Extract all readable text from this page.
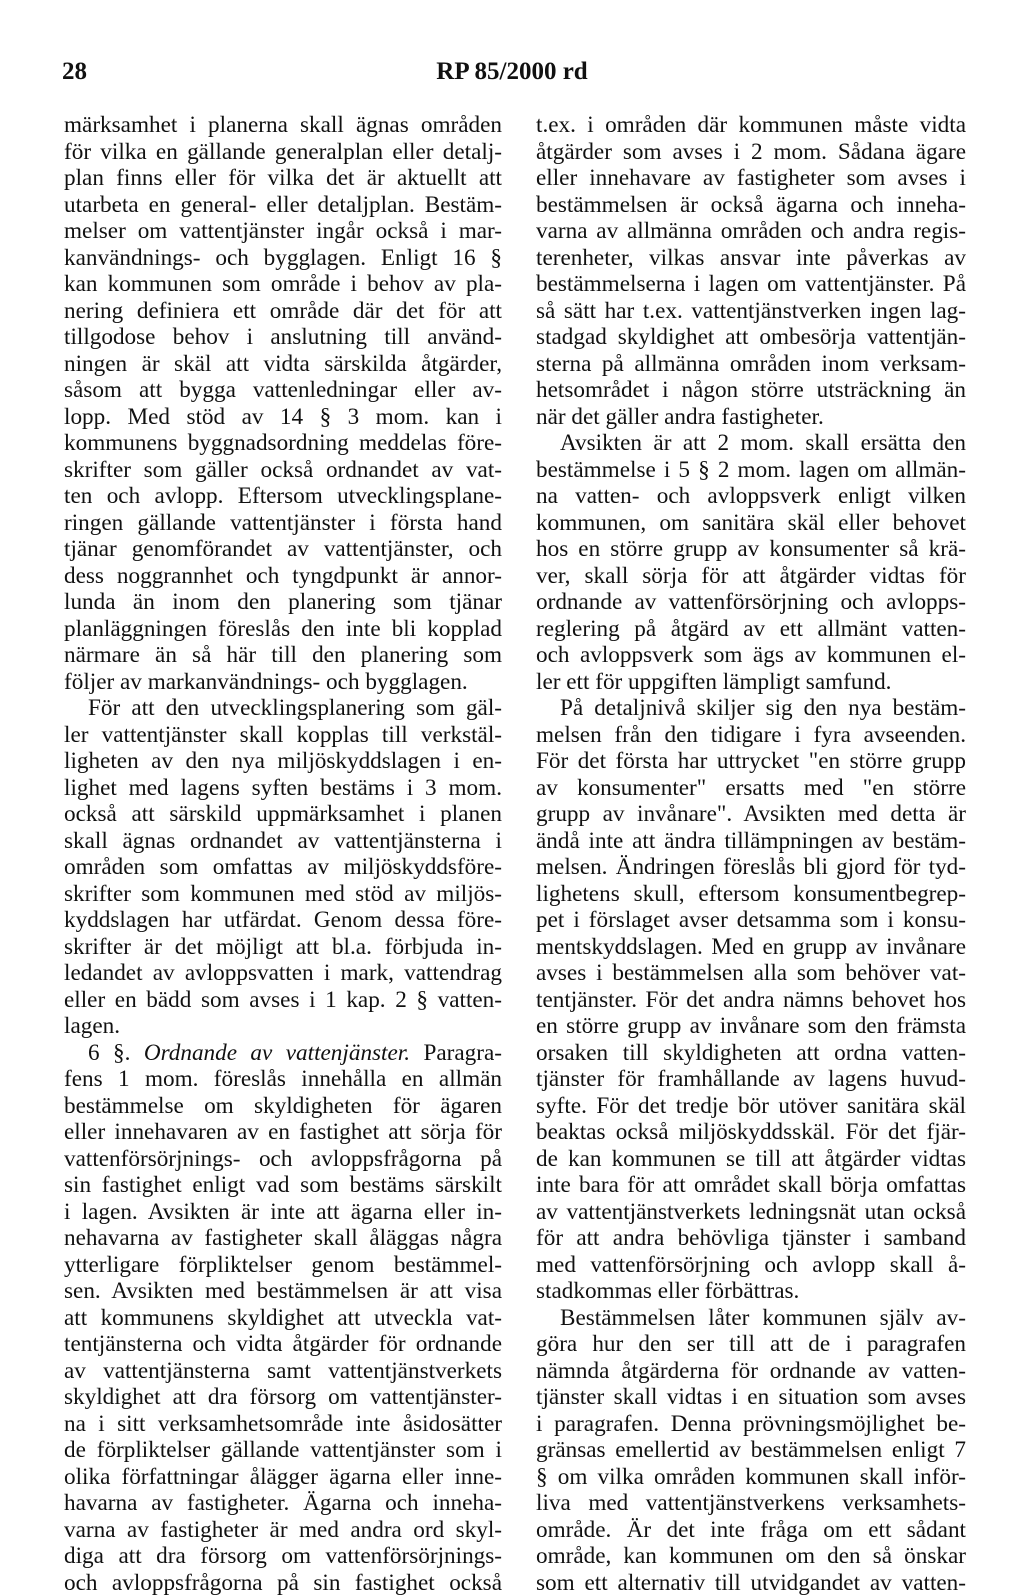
28	RP 85/2000 rd
märksamhet i planerna skall ägnas områden
för vilka en gällande generalplan eller detalj-
plan finns eller för vilka det är aktuellt att
utarbeta en general- eller detaljplan. Bestäm-
melser om vattentjänster ingår också i mar-
kanvändnings- och bygglagen. Enligt 16 §
kan kommunen som område i behov av pla-
nering definiera ett område där det för att
tillgodose behov i anslutning till använd-
ningen är skäl att vidta särskilda åtgärder,
såsom att bygga vattenledningar eller av-
lopp. Med stöd av 14 § 3 mom. kan i
kommunens byggnadsordning meddelas före-
skrifter som gäller också ordnandet av vat-
ten och avlopp. Eftersom utvecklingsplane-
ringen gällande vattentjänster i första hand
tjänar genomförandet av vattentjänster, och
dess noggrannhet och tyngdpunkt är annor-
lunda än inom den planering som tjänar
planläggningen föreslås den inte bli kopplad
närmare än så här till den planering som
följer av markanvändnings- och bygglagen.
För att den utvecklingsplanering som gäl-
ler vattentjänster skall kopplas till verkstäl-
ligheten av den nya miljöskyddslagen i en-
lighet med lagens syften bestäms i 3 mom.
också att särskild uppmärksamhet i planen
skall ägnas ordnandet av vattentjänsterna i
områden som omfattas av miljöskyddsföre-
skrifter som kommunen med stöd av miljös-
kyddslagen har utfärdat. Genom dessa före-
skrifter är det möjligt att bl.a. förbjuda in-
ledandet av avloppsvatten i mark, vattendrag
eller en bädd som avses i 1 kap. 2 § vatten-
lagen.
6 §. Ordnande av vattenjänster. Paragra-
fens 1 mom. föreslås innehålla en allmän
bestämmelse om skyldigheten för ägaren
eller innehavaren av en fastighet att sörja för
vattenförsörjnings- och avloppsfrågorna på
sin fastighet enligt vad som bestäms särskilt
i lagen. Avsikten är inte att ägarna eller in-
nehavarna av fastigheter skall åläggas några
ytterligare förpliktelser genom bestämmel-
sen. Avsikten med bestämmelsen är att visa
att kommunens skyldighet att utveckla vat-
tentjänsterna och vidta åtgärder för ordnande
av vattentjänsterna samt vattentjänstverkets
skyldighet att dra försorg om vattentjänster-
na i sitt verksamhetsområde inte åsidosätter
de förpliktelser gällande vattentjänster som i
olika författningar ålägger ägarna eller inne-
havarna av fastigheter. Ägarna och inneha-
varna av fastigheter är med andra ord skyl-
diga att dra försorg om vattenförsörjnings-
och avloppsfrågorna på sin fastighet också
t.ex. i områden där kommunen måste vidta
åtgärder som avses i 2 mom. Sådana ägare
eller innehavare av fastigheter som avses i
bestämmelsen är också ägarna och inneha-
varna av allmänna områden och andra regis-
terenheter, vilkas ansvar inte påverkas av
bestämmelserna i lagen om vattentjänster. På
så sätt har t.ex. vattentjänstverken ingen lag-
stadgad skyldighet att ombesörja vattentjän-
sterna på allmänna områden inom verksam-
hetsområdet i någon större utsträckning än
när det gäller andra fastigheter.
Avsikten är att 2 mom. skall ersätta den
bestämmelse i 5 § 2 mom. lagen om allmän-
na vatten- och avloppsverk enligt vilken
kommunen, om sanitära skäl eller behovet
hos en större grupp av konsumenter så krä-
ver, skall sörja för att åtgärder vidtas för
ordnande av vattenförsörjning och avlopps-
reglering på åtgärd av ett allmänt vatten-
och avloppsverk som ägs av kommunen el-
ler ett för uppgiften lämpligt samfund.
På detaljnivå skiljer sig den nya bestäm-
melsen från den tidigare i fyra avseenden.
För det första har uttrycket "en större grupp
av konsumenter" ersatts med "en större
grupp av invånare". Avsikten med detta är
ändå inte att ändra tillämpningen av bestäm-
melsen. Ändringen föreslås bli gjord för tyd-
lighetens skull, eftersom konsumentbegrep-
pet i förslaget avser detsamma som i konsu-
mentskyddslagen. Med en grupp av invånare
avses i bestämmelsen alla som behöver vat-
tentjänster. För det andra nämns behovet hos
en större grupp av invånare som den främsta
orsaken till skyldigheten att ordna vatten-
tjänster för framhållande av lagens huvud-
syfte. För det tredje bör utöver sanitära skäl
beaktas också miljöskyddsskäl. För det fjär-
de kan kommunen se till att åtgärder vidtas
inte bara för att området skall börja omfattas
av vattentjänstverkets ledningsnät utan också
för att andra behövliga tjänster i samband
med vattenförsörjning och avlopp skall å-
stadkommas eller förbättras.
Bestämmelsen låter kommunen själv av-
göra hur den ser till att de i paragrafen
nämnda åtgärderna för ordnande av vatten-
tjänster skall vidtas i en situation som avses
i paragrafen. Denna prövningsmöjlighet be-
gränsas emellertid av bestämmelsen enligt 7
§ om vilka områden kommunen skall inför-
liva med vattentjänstverkens verksamhets-
område. Är det inte fråga om ett sådant
område, kan kommunen om den så önskar
som ett alternativ till utvidgandet av vatten-
